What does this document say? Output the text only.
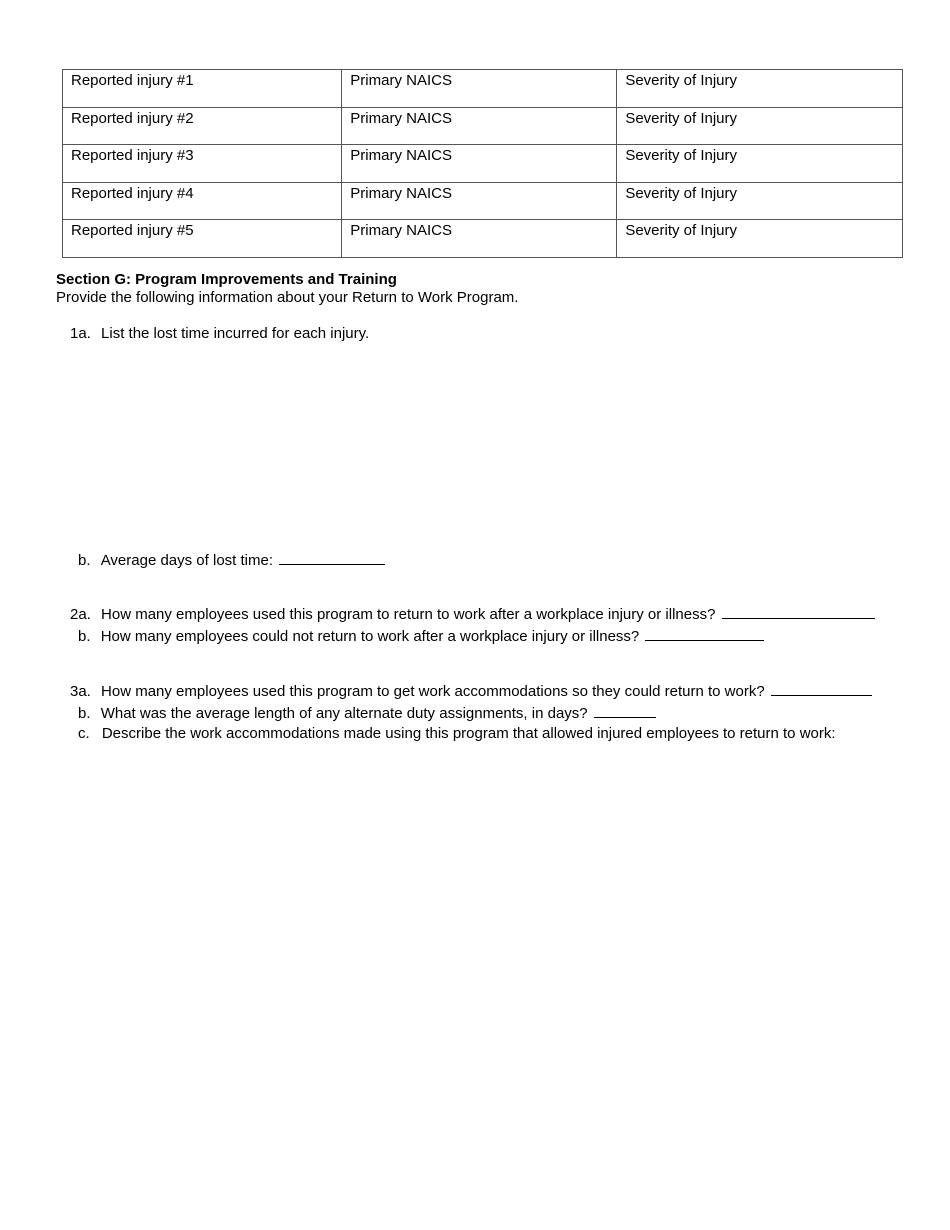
Reported injury #1	Primary NAICS	Severity of Injury
Reported injury #2	Primary NAICS	Severity of Injury
Reported injury #3	Primary NAICS	Severity of Injury
Reported injury #4	Primary NAICS	Severity of Injury
Reported injury #5	Primary NAICS	Severity of Injury
Section G: Program Improvements and Training
Provide the following information about your Return to Work Program.
1a. List the lost time incurred for each injury.
b. Average days of lost time:
2a. How many employees used this program to return to work after a workplace injury or illness?
b. How many employees could not return to work after a workplace injury or illness?
3a. How many employees used this program to get work accommodations so they could return to work?
b. What was the average length of any alternate duty assignments, in days?
c. Describe the work accommodations made using this program that allowed injured employees to return to work:
